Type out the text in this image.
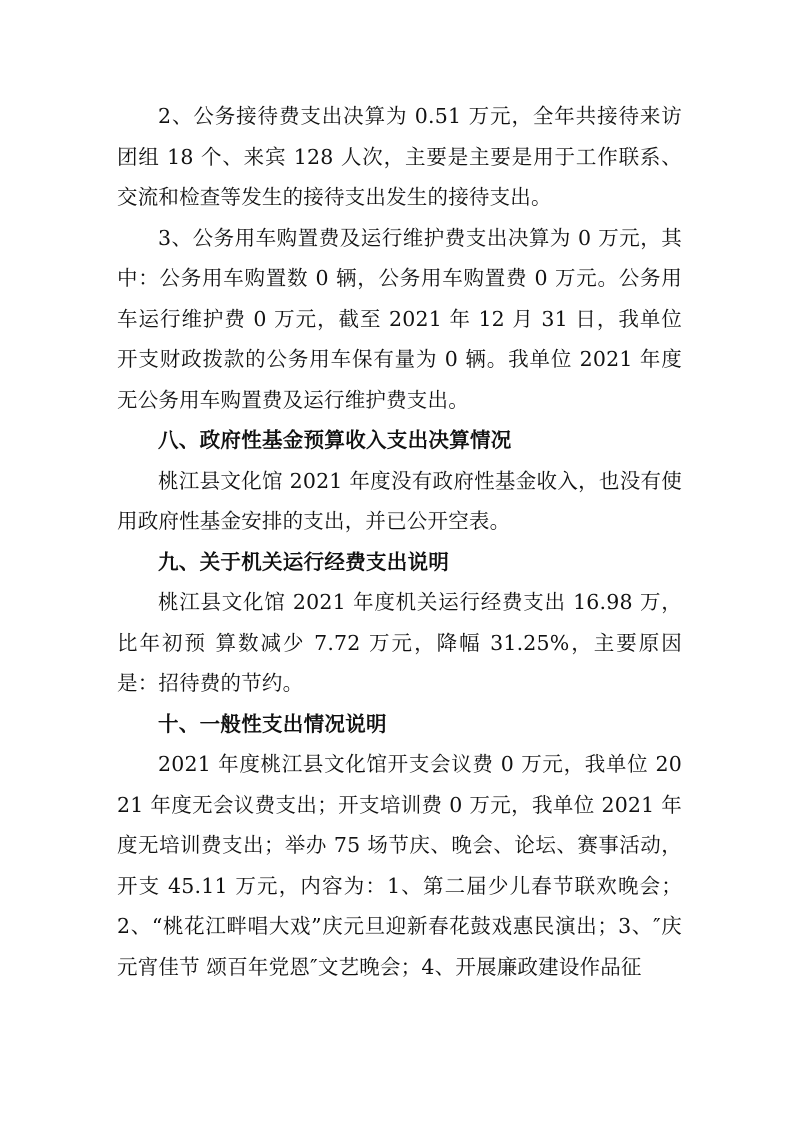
2、公务接待费支出决算为 0.51 万元，全年共接待来访团组 18 个、来宾 128 人次，主要是主要是用于工作联系、交流和检查等发生的接待支出发生的接待支出。

3、公务用车购置费及运行维护费支出决算为 0 万元，其中：公务用车购置数 0 辆，公务用车购置费 0 万元。公务用车运行维护费 0 万元，截至 2021 年 12 月 31 日，我单位开支财政拨款的公务用车保有量为 0 辆。我单位 2021 年度无公务用车购置费及运行维护费支出。

八、政府性基金预算收入支出决算情况

桃江县文化馆 2021 年度没有政府性基金收入，也没有使用政府性基金安排的支出，并已公开空表。

九、关于机关运行经费支出说明

桃江县文化馆 2021 年度机关运行经费支出 16.98 万，比年初预 算数减少 7.72 万元，降幅 31.25%，主要原因是：招待费的节约。

十、一般性支出情况说明

2021 年度桃江县文化馆开支会议费 0 万元，我单位 2021 年度无会议费支出；开支培训费 0 万元，我单位 2021 年度无培训费支出；举办 75 场节庆、晚会、论坛、赛事活动，开支 45.11 万元，内容为：1、第二届少儿春节联欢晚会；2、“桃花江畔唱大戏”庆元旦迎新春花鼓戏惠民演出；3、″庆元宵佳节 颂百年党恩″文艺晚会；4、开展廉政建设作品征
